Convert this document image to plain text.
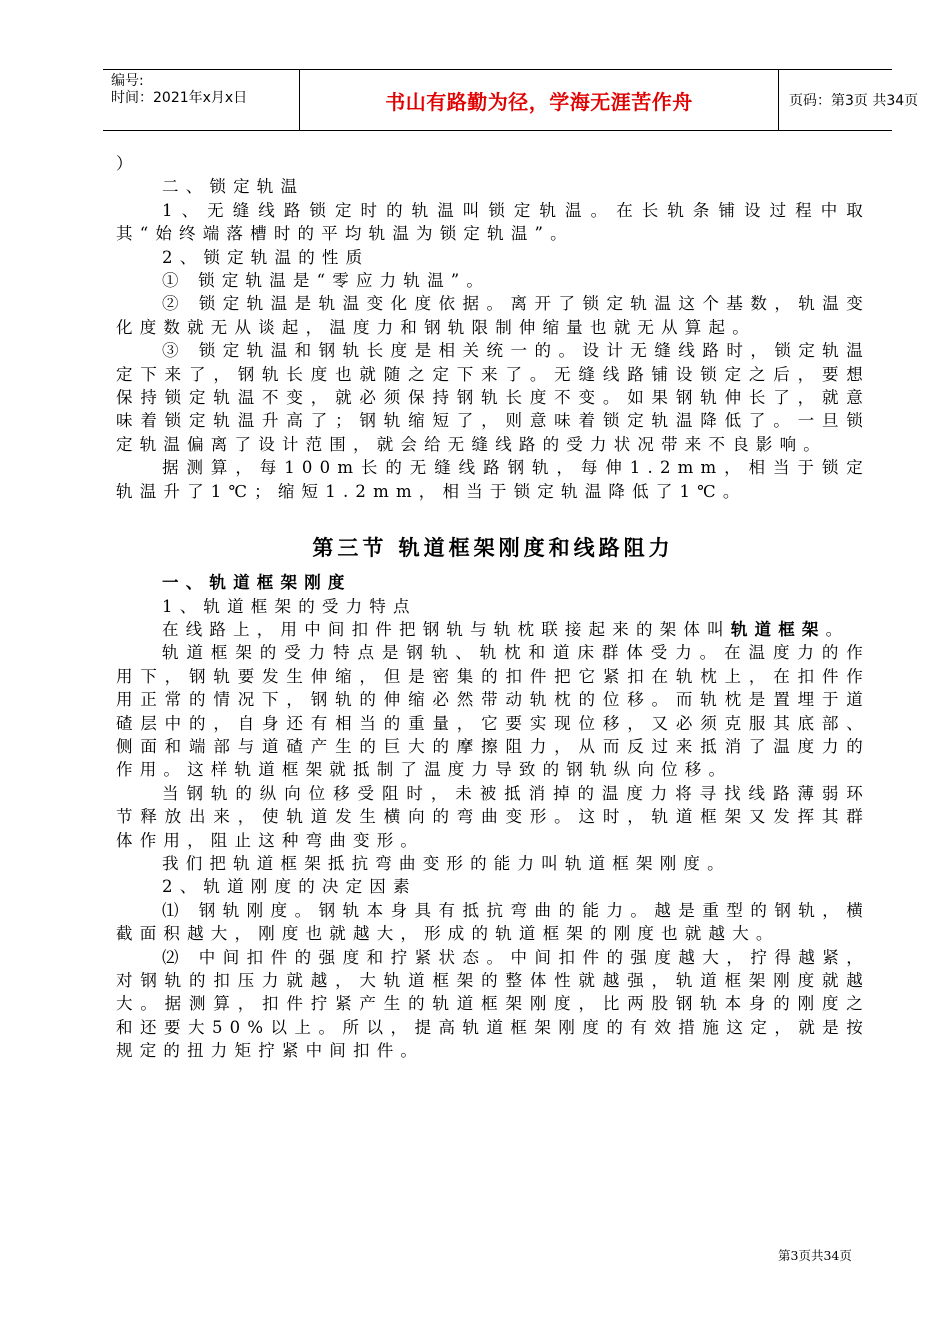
编号:
时间：2021年x月x日	书山有路勤为径，学海无涯苦作舟	页码：第3页 共34页

）

二、锁定轨温

1、无缝线路锁定时的轨温叫锁定轨温。在长轨条铺设过程中取其“始终端落槽时的平均轨温为锁定轨温”。

2、锁定轨温的性质

① 锁定轨温是“零应力轨温”。

② 锁定轨温是轨温变化度依据。离开了锁定轨温这个基数，轨温变化度数就无从谈起，温度力和钢轨限制伸缩量也就无从算起。

③ 锁定轨温和钢轨长度是相关统一的。设计无缝线路时，锁定轨温定下来了，钢轨长度也就随之定下来了。无缝线路铺设锁定之后，要想保持锁定轨温不变，就必须保持钢轨长度不变。如果钢轨伸长了，就意味着锁定轨温升高了；钢轨缩短了，则意味着锁定轨温降低了。一旦锁定轨温偏离了设计范围，就会给无缝线路的受力状况带来不良影响。

据测算，每100m长的无缝线路钢轨，每伸1.2mm，相当于锁定轨温升了1℃；缩短1.2mm，相当于锁定轨温降低了1℃。

第三节 轨道框架刚度和线路阻力

一、轨道框架刚度

1、轨道框架的受力特点

在线路上，用中间扣件把钢轨与轨枕联接起来的架体叫轨道框架。

轨道框架的受力特点是钢轨、轨枕和道床群体受力。在温度力的作用下，钢轨要发生伸缩，但是密集的扣件把它紧扣在轨枕上，在扣件作用正常的情况下，钢轨的伸缩必然带动轨枕的位移。而轨枕是置埋于道碴层中的，自身还有相当的重量，它要实现位移，又必须克服其底部、侧面和端部与道碴产生的巨大的摩擦阻力，从而反过来抵消了温度力的作用。这样轨道框架就抵制了温度力导致的钢轨纵向位移。

当钢轨的纵向位移受阻时，未被抵消掉的温度力将寻找线路薄弱环节释放出来，使轨道发生横向的弯曲变形。这时，轨道框架又发挥其群体作用，阻止这种弯曲变形。

我们把轨道框架抵抗弯曲变形的能力叫轨道框架刚度。

2、轨道刚度的决定因素

⑴ 钢轨刚度。钢轨本身具有抵抗弯曲的能力。越是重型的钢轨，横截面积越大，刚度也就越大，形成的轨道框架的刚度也就越大。

⑵ 中间扣件的强度和拧紧状态。中间扣件的强度越大，拧得越紧，对钢轨的扣压力就越，大轨道框架的整体性就越强，轨道框架刚度就越大。据测算，扣件拧紧产生的轨道框架刚度，比两股钢轨本身的刚度之和还要大50%以上。所以，提高轨道框架刚度的有效措施这定，就是按规定的扭力矩拧紧中间扣件。

第3页共34页
